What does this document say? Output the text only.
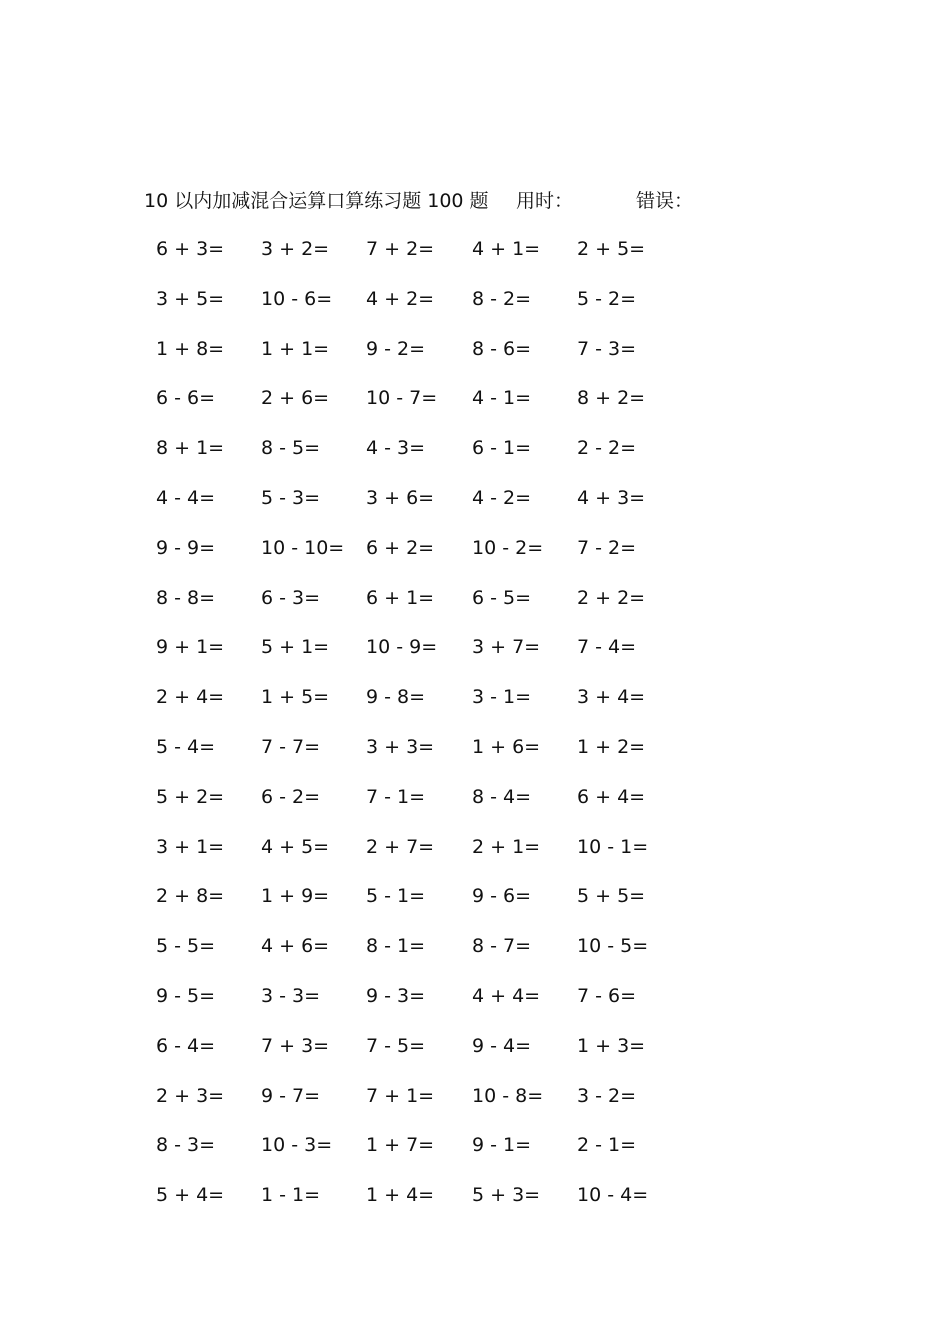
10 以内加减混合运算口算练习题 100 题 用时：	错误：
6 + 3= 3 + 2= 7 + 2= 4 + 1= 2 + 5=
3 + 5= 10 - 6= 4 + 2= 8 - 2= 5 - 2=
1 + 8= 1 + 1= 9 - 2= 8 - 6= 7 - 3=
6 - 6= 2 + 6= 10 - 7= 4 - 1= 8 + 2=
8 + 1= 8 - 5= 4 - 3= 6 - 1= 2 - 2=
4 - 4= 5 - 3= 3 + 6= 4 - 2= 4 + 3=
9 - 9= 10 - 10= 6 + 2= 10 - 2= 7 - 2=
8 - 8= 6 - 3= 6 + 1= 6 - 5= 2 + 2=
9 + 1= 5 + 1= 10 - 9= 3 + 7= 7 - 4=
2 + 4= 1 + 5= 9 - 8= 3 - 1= 3 + 4=
5 - 4= 7 - 7= 3 + 3= 1 + 6= 1 + 2=
5 + 2= 6 - 2= 7 - 1= 8 - 4= 6 + 4=
3 + 1= 4 + 5= 2 + 7= 2 + 1= 10 - 1=
2 + 8= 1 + 9= 5 - 1= 9 - 6= 5 + 5=
5 - 5= 4 + 6= 8 - 1= 8 - 7= 10 - 5=
9 - 5= 3 - 3= 9 - 3= 4 + 4= 7 - 6=
6 - 4= 7 + 3= 7 - 5= 9 - 4= 1 + 3=
2 + 3= 9 - 7= 7 + 1= 10 - 8= 3 - 2=
8 - 3= 10 - 3= 1 + 7= 9 - 1= 2 - 1=
5 + 4= 1 - 1= 1 + 4= 5 + 3= 10 - 4=
